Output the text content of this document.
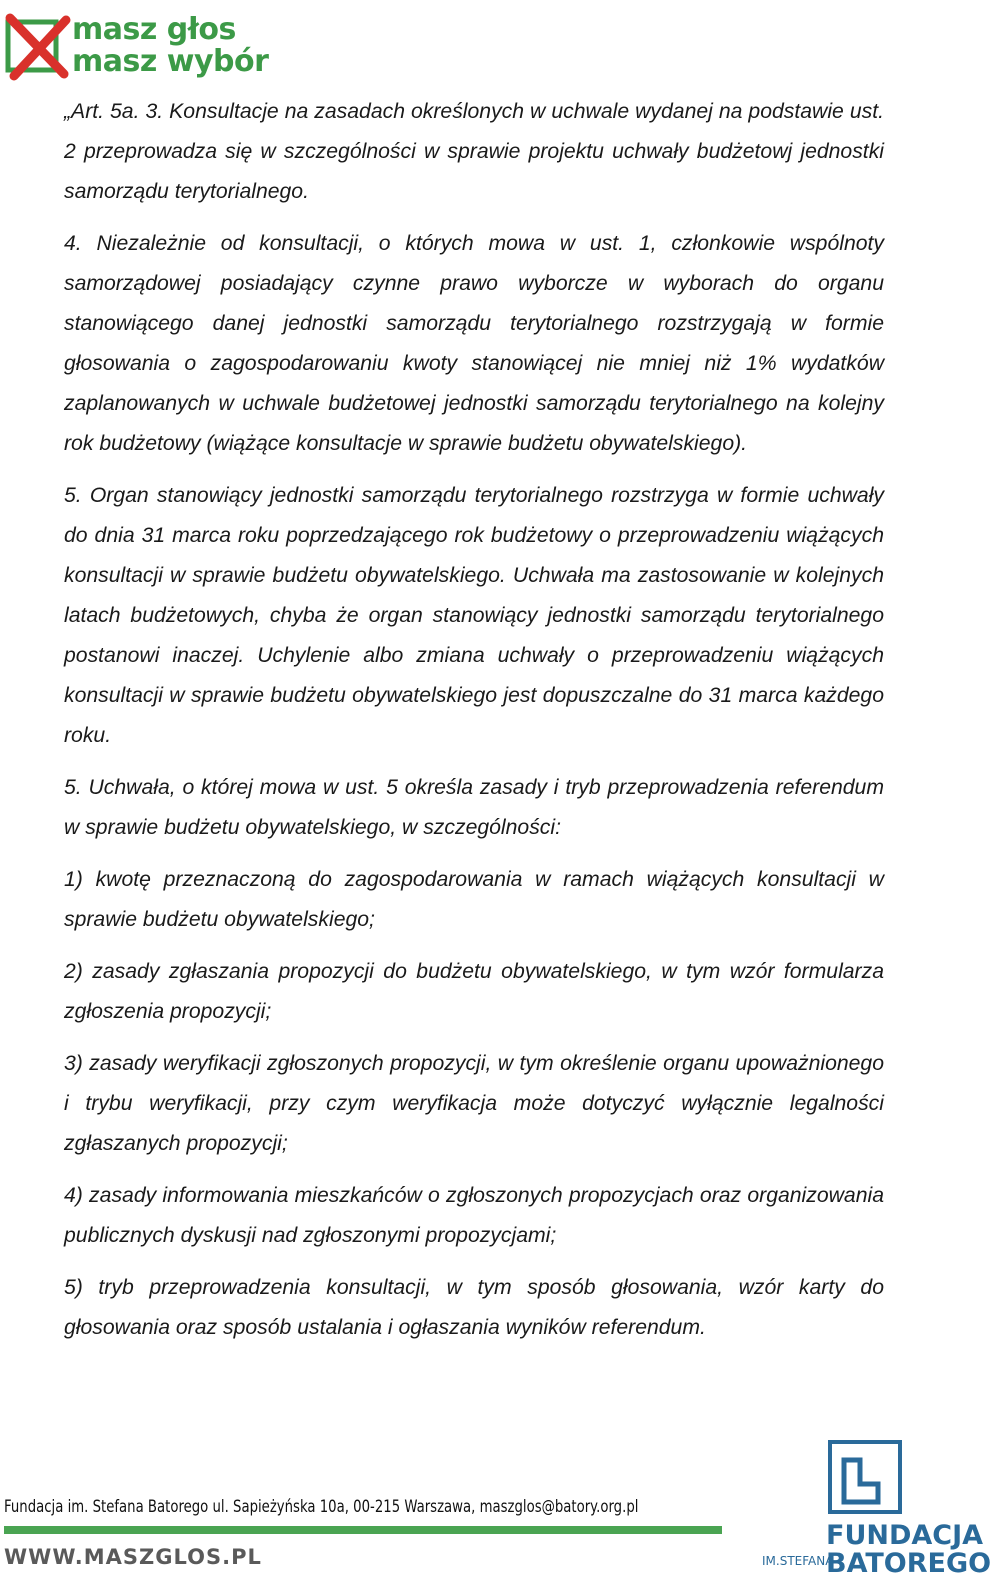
masz głos
masz wybór

„Art. 5a. 3. Konsultacje na zasadach określonych w uchwale wydanej na podstawie ust. 2 przeprowadza się w szczególności w sprawie projektu uchwały budżetowj jednostki samorządu terytorialnego.

4. Niezależnie od konsultacji, o których mowa w ust. 1, członkowie wspólnoty samorządowej posiadający czynne prawo wyborcze w wyborach do organu stanowiącego danej jednostki samorządu terytorialnego rozstrzygają w formie głosowania o zagospodarowaniu kwoty stanowiącej nie mniej niż 1% wydatków zaplanowanych w uchwale budżetowej jednostki samorządu terytorialnego na kolejny rok budżetowy (wiążące konsultacje w sprawie budżetu obywatelskiego).

5. Organ stanowiący jednostki samorządu terytorialnego rozstrzyga w formie uchwały do dnia 31 marca roku poprzedzającego rok budżetowy o przeprowadzeniu wiążących konsultacji w sprawie budżetu obywatelskiego. Uchwała ma zastosowanie w kolejnych latach budżetowych, chyba że organ stanowiący jednostki samorządu terytorialnego postanowi inaczej. Uchylenie albo zmiana uchwały o przeprowadzeniu wiążących konsultacji w sprawie budżetu obywatelskiego jest dopuszczalne do 31 marca każdego roku.

5. Uchwała, o której mowa w ust. 5 określa zasady i tryb przeprowadzenia referendum w sprawie budżetu obywatelskiego, w szczególności:

1) kwotę przeznaczoną do zagospodarowania w ramach wiążących konsultacji w sprawie budżetu obywatelskiego;

2) zasady zgłaszania propozycji do budżetu obywatelskiego, w tym wzór formularza zgłoszenia propozycji;

3) zasady weryfikacji zgłoszonych propozycji, w tym określenie organu upoważnionego i trybu weryfikacji, przy czym weryfikacja może dotyczyć wyłącznie legalności zgłaszanych propozycji;

4) zasady informowania mieszkańców o zgłoszonych propozycjach oraz organizowania publicznych dyskusji nad zgłoszonymi propozycjami;

5) tryb przeprowadzenia konsultacji, w tym sposób głosowania, wzór karty do głosowania oraz sposób ustalania i ogłaszania wyników referendum.

Fundacja im. Stefana Batorego ul. Sapieżyńska 10a, 00-215 Warszawa, maszglos@batory.org.pl
WWW.MASZGLOS.PL
FUNDACJA
BATOREGO
IM.STEFANA
